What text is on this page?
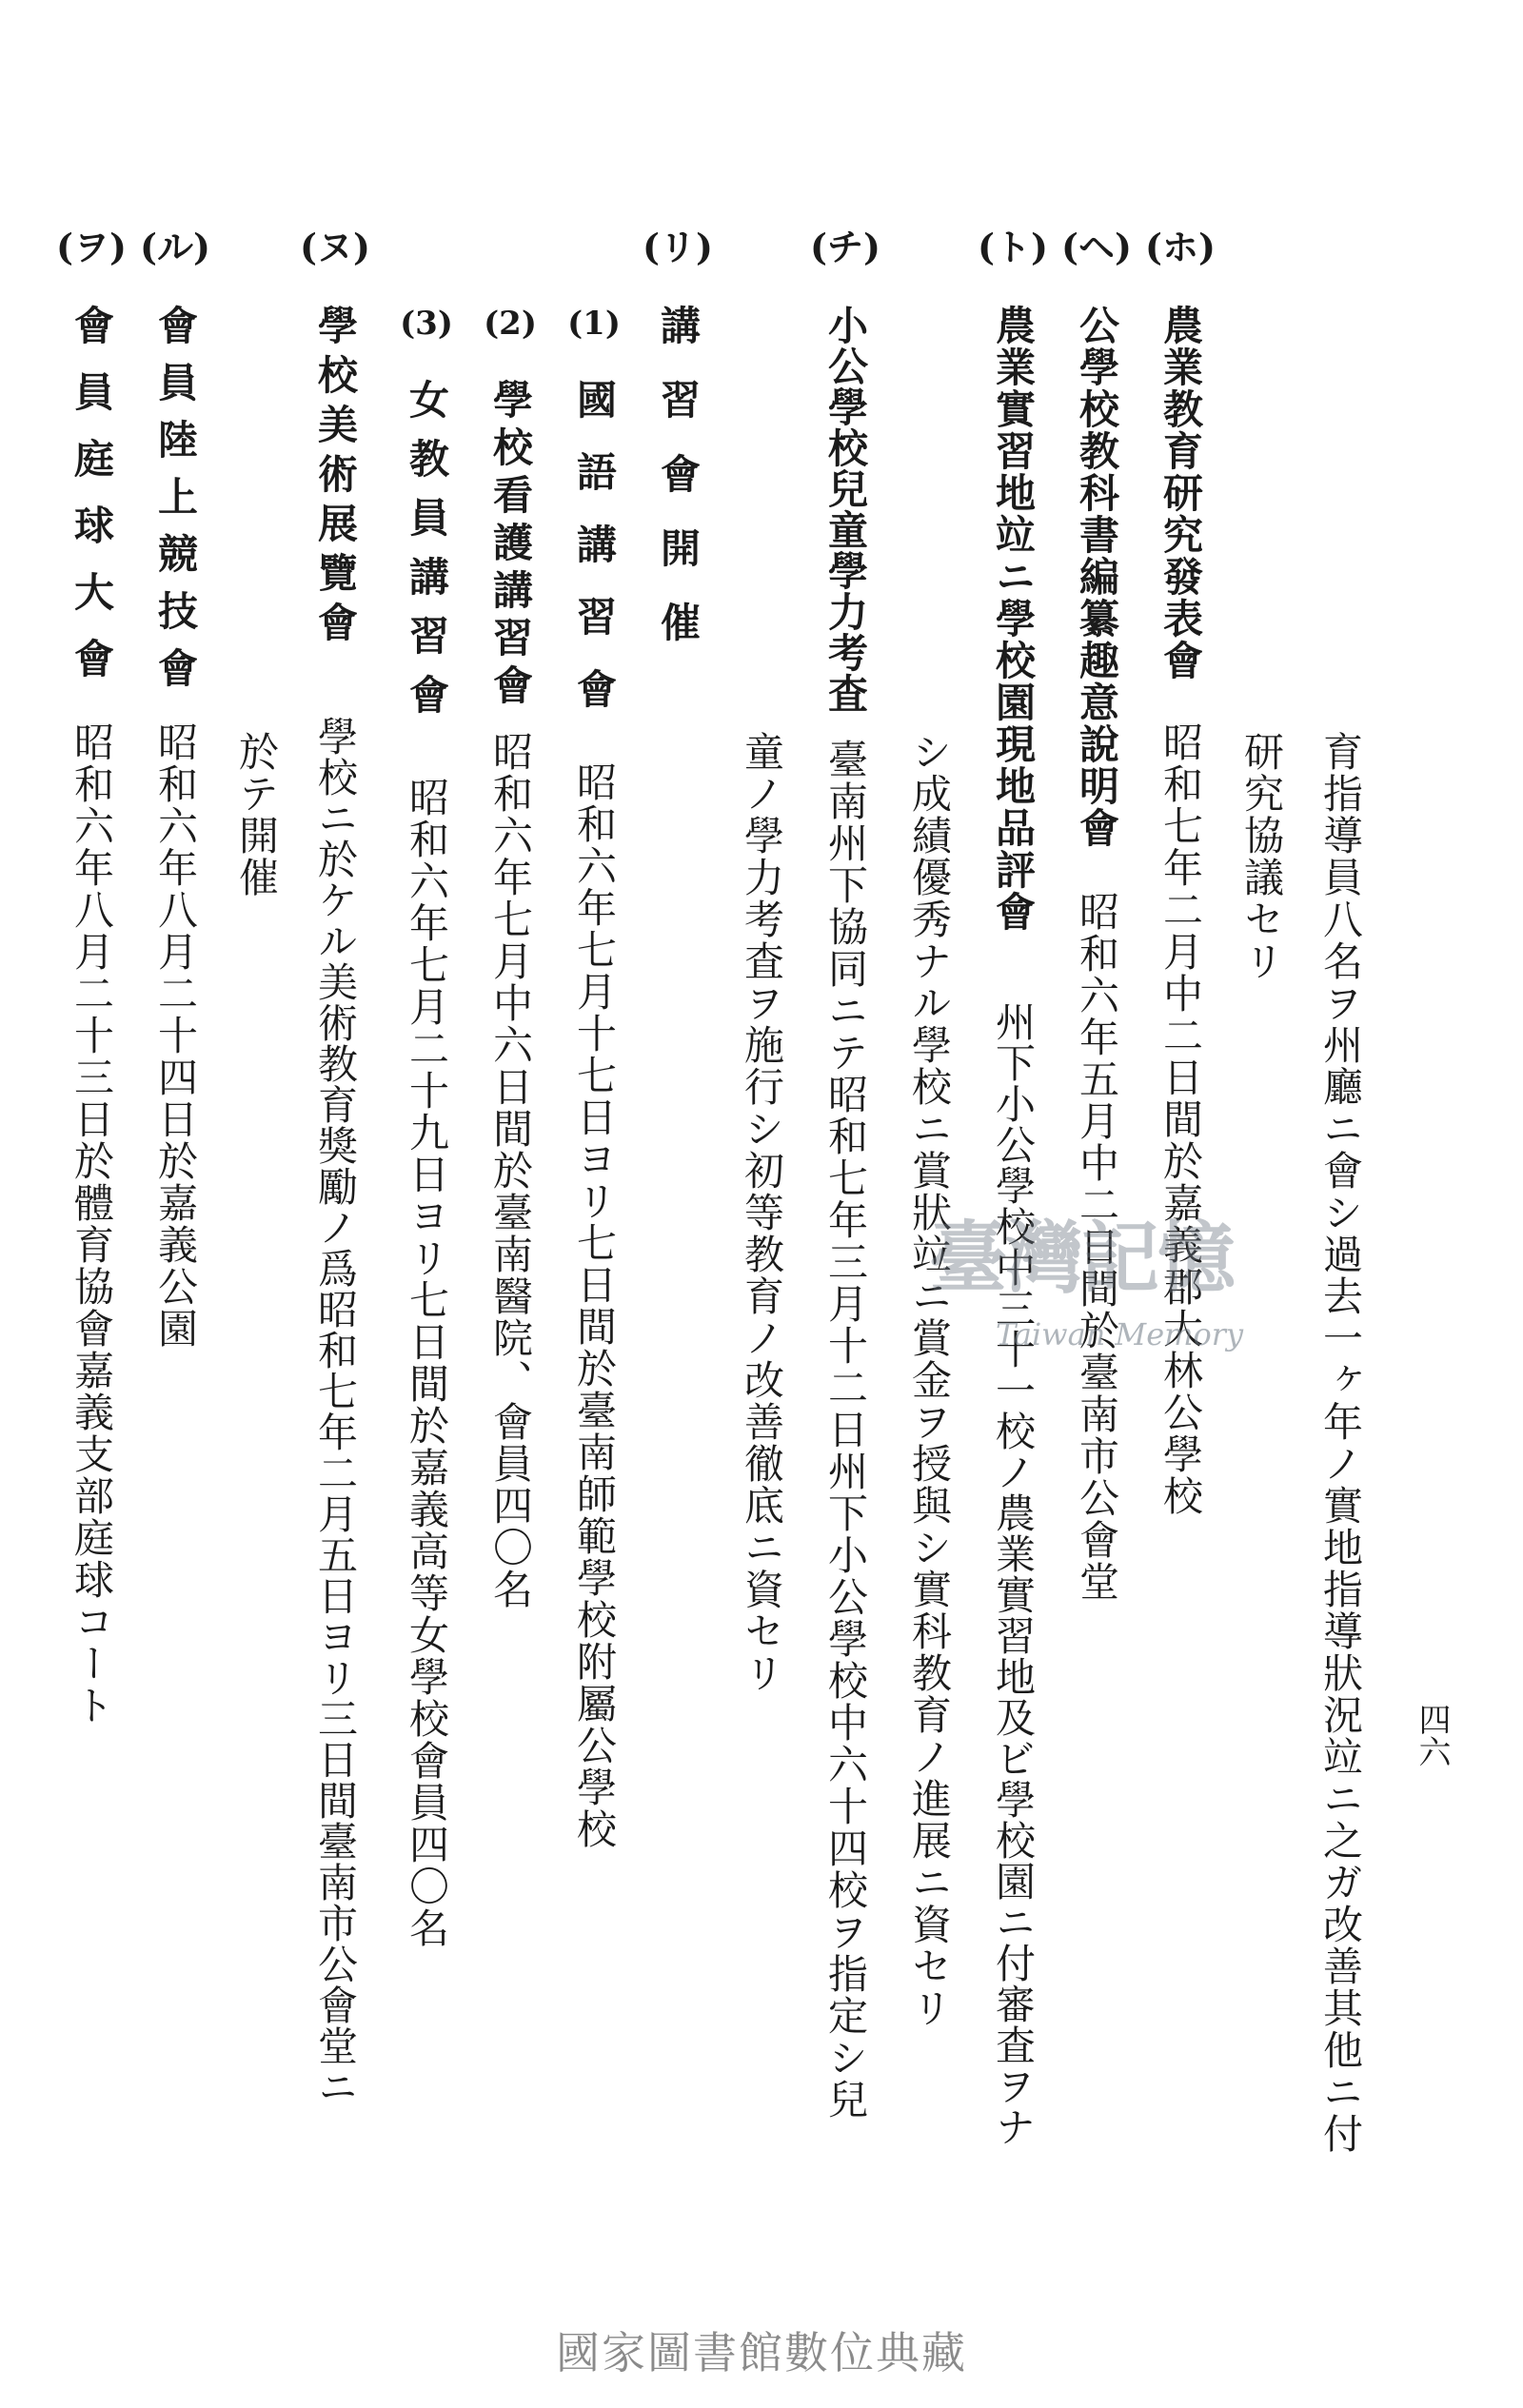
四六
育指導員八名ヲ州廳ニ會シ過去一ヶ年ノ實地指導狀況竝ニ之ガ改善其他ニ付
研究協議セリ
(ホ)
農業教育研究發表會
昭和七年二月中二日間於嘉義郡大林公學校
(ヘ)
公學校教科書編纂趣意說明會
昭和六年五月中二日間於臺南市公會堂
(ト)
農業實習地竝ニ學校園現地品評會
州下小公學校中三十一校ノ農業實習地及ビ學校園ニ付審査ヲナ
シ成績優秀ナル學校ニ賞狀竝ニ賞金ヲ授與シ實科教育ノ進展ニ資セリ
(チ)
小公學校兒童學力考査
臺南州下協同ニテ昭和七年三月十二日州下小公學校中六十四校ヲ指定シ兒
童ノ學力考査ヲ施行シ初等教育ノ改善徹底ニ資セリ
(リ)
講習會開催
(1)
國語講習會
昭和六年七月十七日ヨリ七日間於臺南師範學校附屬公學校
(2)
學校看護講習會
昭和六年七月中六日間於臺南醫院、會員四〇名
(3)
女教員講習會
昭和六年七月二十九日ヨリ七日間於嘉義高等女學校會員四〇名
(ヌ)
學校美術展覽會
學校ニ於ケル美術教育獎勵ノ爲昭和七年二月五日ヨリ三日間臺南市公會堂ニ
於テ開催
(ル)
會員陸上競技會
昭和六年八月二十四日於嘉義公園
(ヲ)
會員庭球大會
昭和六年八月二十三日於體育協會嘉義支部庭球コート	臺灣記憶
Taiwan Memory
國家圖書館數位典藏
